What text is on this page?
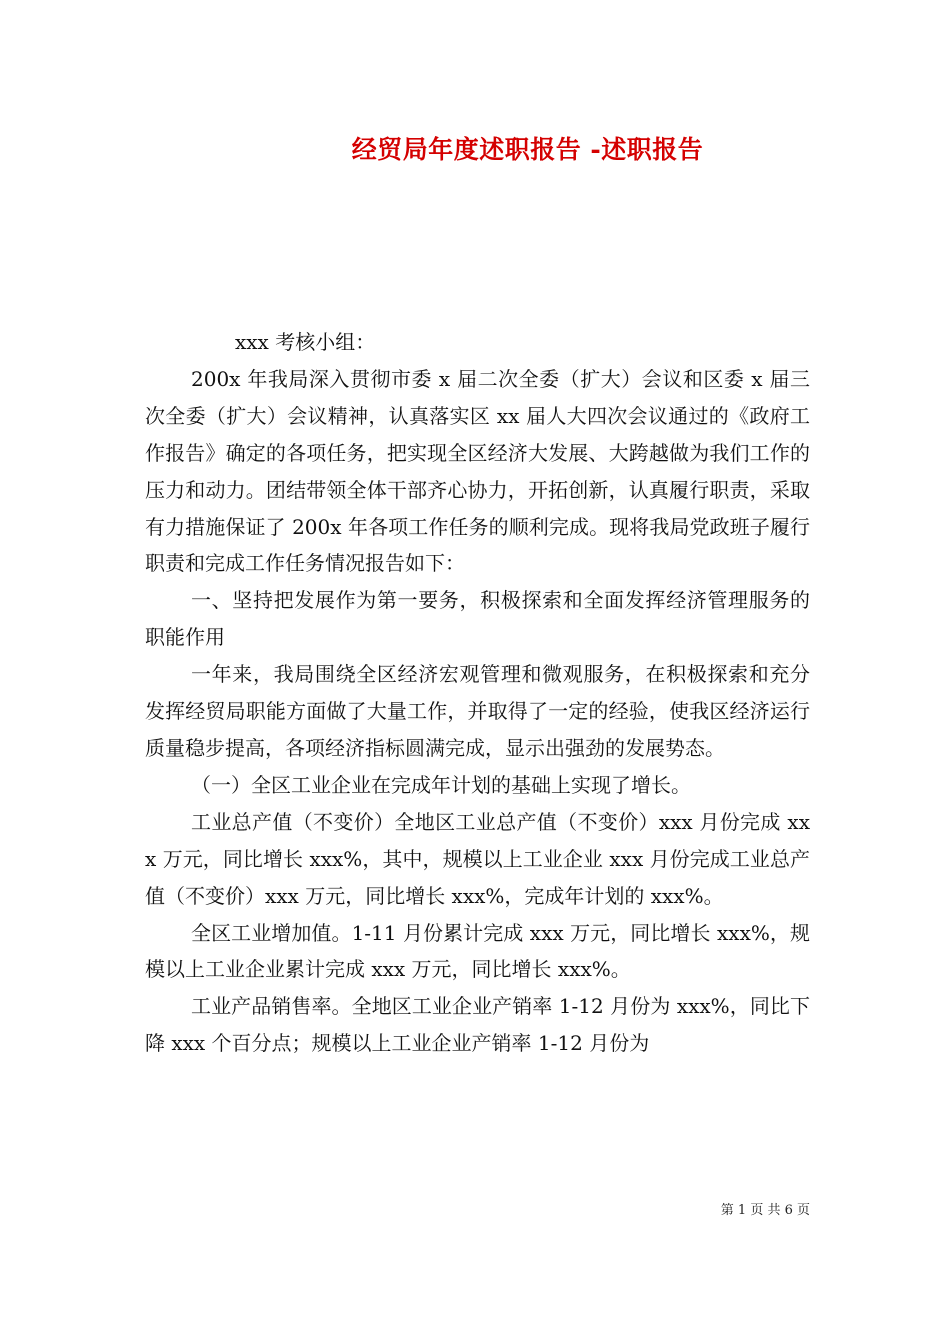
经贸局年度述职报告 -述职报告

xxx 考核小组：

200x 年我局深入贯彻市委 x 届二次全委（扩大）会议和区委 x 届三次全委（扩大）会议精神，认真落实区 xx 届人大四次会议通过的《政府工作报告》确定的各项任务，把实现全区经济大发展、大跨越做为我们工作的压力和动力。团结带领全体干部齐心协力，开拓创新，认真履行职责，采取有力措施保证了 200x 年各项工作任务的顺利完成。现将我局党政班子履行职责和完成工作任务情况报告如下：

一、坚持把发展作为第一要务，积极探索和全面发挥经济管理服务的职能作用

一年来，我局围绕全区经济宏观管理和微观服务，在积极探索和充分发挥经贸局职能方面做了大量工作，并取得了一定的经验，使我区经济运行质量稳步提高，各项经济指标圆满完成，显示出强劲的发展势态。

（一）全区工业企业在完成年计划的基础上实现了增长。

工业总产值（不变价）全地区工业总产值（不变价）xxx 月份完成 xxx 万元，同比增长 xxx%，其中，规模以上工业企业 xxx 月份完成工业总产值（不变价）xxx 万元，同比增长 xxx%，完成年计划的 xxx%。

全区工业增加值。1-11 月份累计完成 xxx 万元，同比增长 xxx%，规模以上工业企业累计完成 xxx 万元，同比增长 xxx%。

工业产品销售率。全地区工业企业产销率 1-12 月份为 xxx%，同比下降 xxx 个百分点；规模以上工业企业产销率 1-12 月份为

第 1 页 共 6 页
